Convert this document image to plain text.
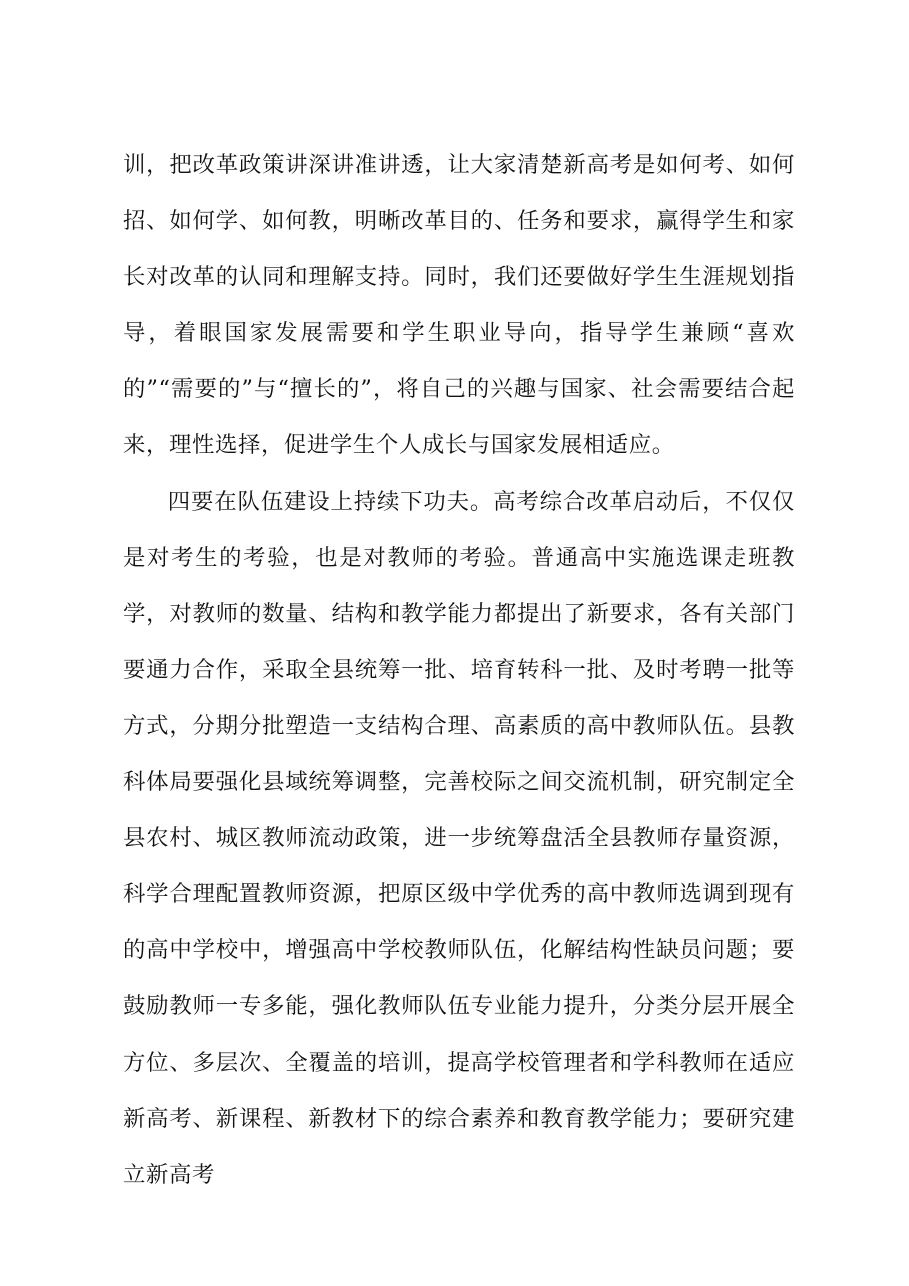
训，把改革政策讲深讲准讲透，让大家清楚新高考是如何考、如何招、如何学、如何教，明晰改革目的、任务和要求，赢得学生和家长对改革的认同和理解支持。同时，我们还要做好学生生涯规划指导，着眼国家发展需要和学生职业导向，指导学生兼顾“喜欢的”“需要的”与“擅长的”，将自己的兴趣与国家、社会需要结合起来，理性选择，促进学生个人成长与国家发展相适应。

四要在队伍建设上持续下功夫。高考综合改革启动后，不仅仅是对考生的考验，也是对教师的考验。普通高中实施选课走班教学，对教师的数量、结构和教学能力都提出了新要求，各有关部门要通力合作，采取全县统筹一批、培育转科一批、及时考聘一批等方式，分期分批塑造一支结构合理、高素质的高中教师队伍。县教科体局要强化县域统筹调整，完善校际之间交流机制，研究制定全县农村、城区教师流动政策，进一步统筹盘活全县教师存量资源，科学合理配置教师资源，把原区级中学优秀的高中教师选调到现有的高中学校中，增强高中学校教师队伍，化解结构性缺员问题；要鼓励教师一专多能，强化教师队伍专业能力提升，分类分层开展全方位、多层次、全覆盖的培训，提高学校管理者和学科教师在适应新高考、新课程、新教材下的综合素养和教育教学能力；要研究建立新高考
